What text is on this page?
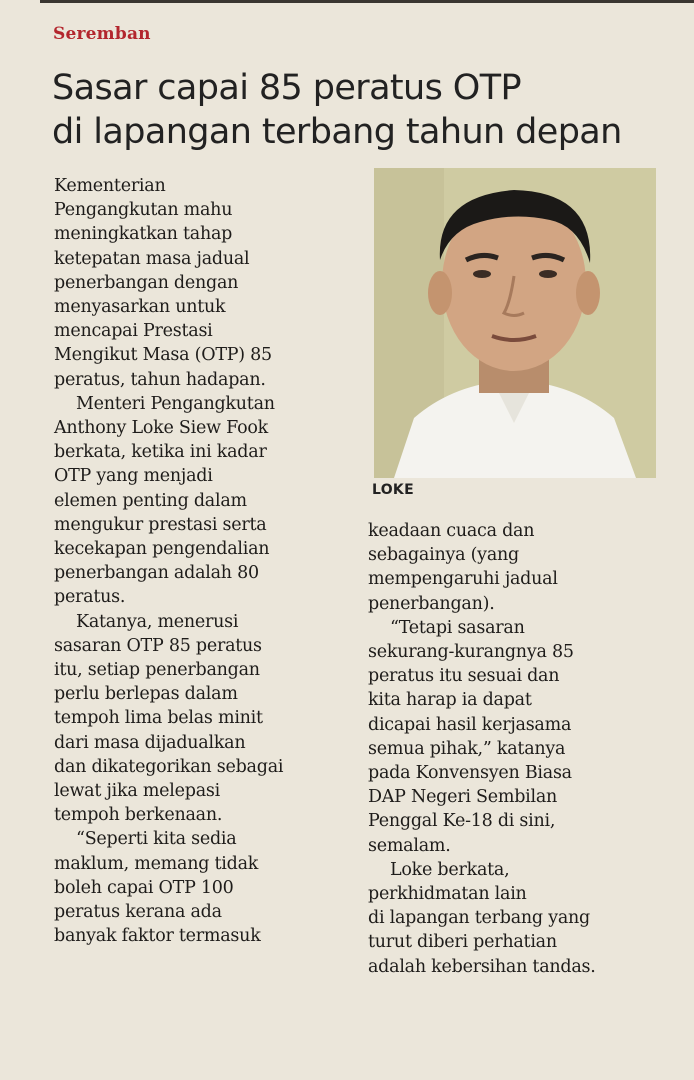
Seremban
Sasar capai 85 peratus OTP
di lapangan terbang tahun depan
LOKE

Kementerian
Pengangkutan mahu
meningkatkan tahap
ketepatan masa jadual
penerbangan dengan
menyasarkan untuk
mencapai Prestasi
Mengikut Masa (OTP) 85
peratus, tahun hadapan.

Menteri Pengangkutan
Anthony Loke Siew Fook
berkata, ketika ini kadar
OTP yang menjadi
elemen penting dalam
mengukur prestasi serta
kecekapan pengendalian
penerbangan adalah 80
peratus.

Katanya, menerusi
sasaran OTP 85 peratus
itu, setiap penerbangan
perlu berlepas dalam
tempoh lima belas minit
dari masa dijadualkan
dan dikategorikan sebagai
lewat jika melepasi
tempoh berkenaan.

“Seperti kita sedia
maklum, memang tidak
boleh capai OTP 100
peratus kerana ada
banyak faktor termasuk

keadaan cuaca dan
sebagainya (yang
mempengaruhi jadual
penerbangan).

“Tetapi sasaran
sekurang-kurangnya 85
peratus itu sesuai dan
kita harap ia dapat
dicapai hasil kerjasama
semua pihak,” katanya
pada Konvensyen Biasa
DAP Negeri Sembilan
Penggal Ke-18 di sini,
semalam.

Loke berkata,
perkhidmatan lain
di lapangan terbang yang
turut diberi perhatian
adalah kebersihan tandas.
